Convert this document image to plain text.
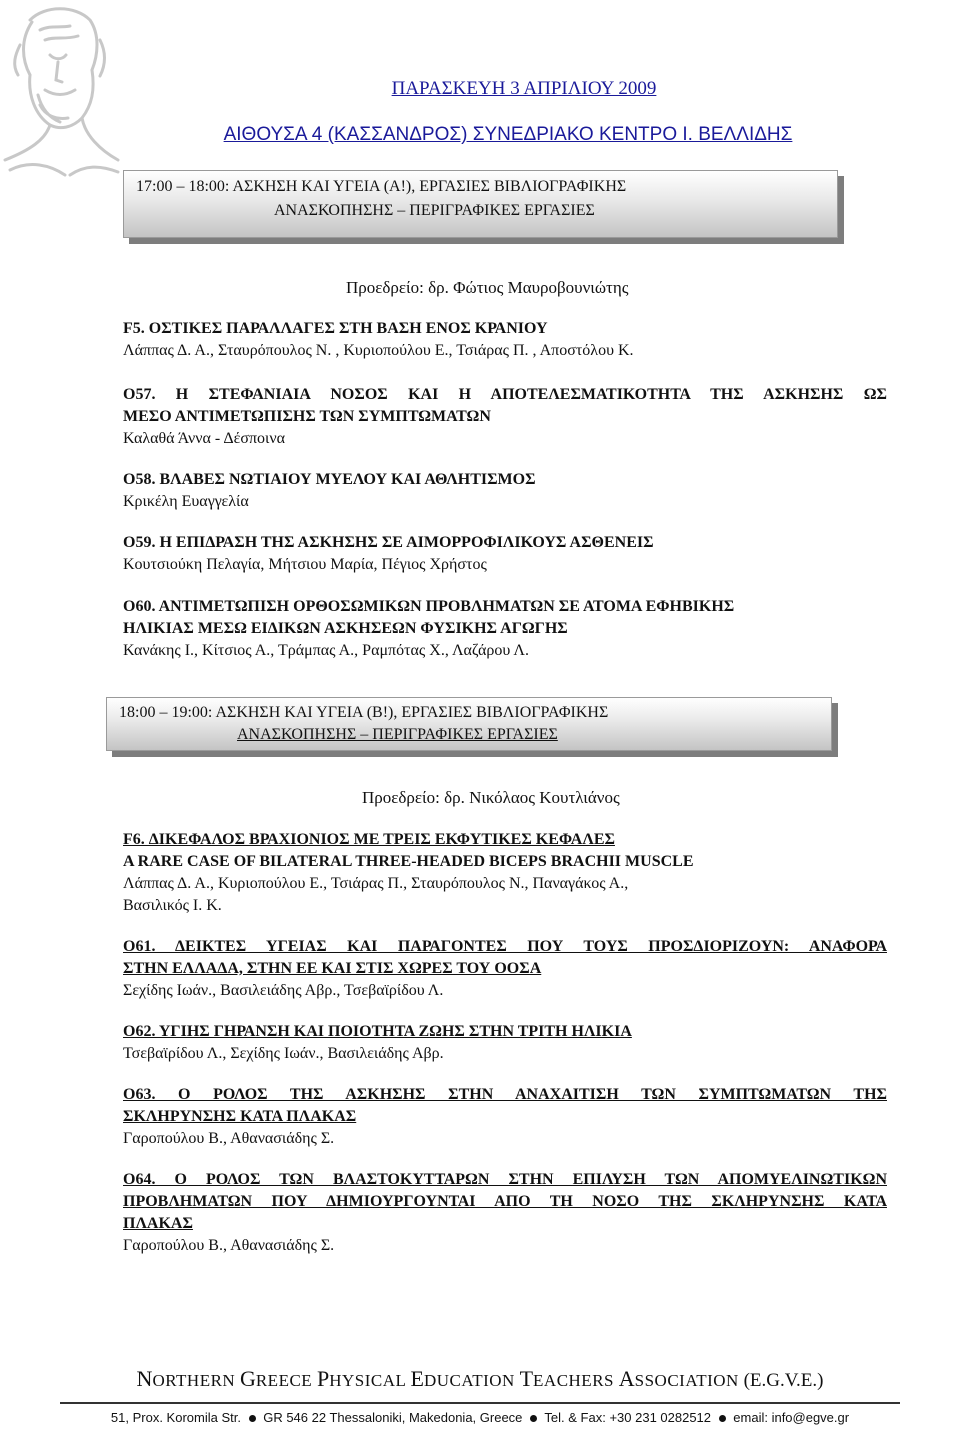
ΠΑΡΑΣΚΕΥΗ 3 ΑΠΡΙΛΙΟΥ 2009
ΑΙΘΟΥΣΑ 4 (ΚΑΣΣΑΝΔΡΟΣ) ΣΥΝΕΔΡΙΑΚΟ ΚΕΝΤΡΟ Ι. ΒΕΛΛΙΔΗΣ
17:00 – 18:00: ΑΣΚΗΣΗ ΚΑΙ ΥΓΕΙΑ (Α!), ΕΡΓΑΣΙΕΣ ΒΙΒΛΙΟΓΡΑΦΙΚΗΣ
ΑΝΑΣΚΟΠΗΣΗΣ – ΠΕΡΙΓΡΑΦΙΚΕΣ ΕΡΓΑΣΙΕΣ
Προεδρείο: δρ. Φώτιος Μαυροβουνιώτης
F5. ΟΣΤΙΚΕΣ ΠΑΡΑΛΛΑΓΕΣ ΣΤΗ ΒΑΣΗ ΕΝΟΣ ΚΡΑΝΙΟΥ
Λάππας Δ. Α., Σταυρόπουλος Ν. , Κυριοπούλου Ε., Τσιάρας Π. , Αποστόλου Κ.
Ο57. Η ΣΤΕΦΑΝΙΑΙΑ ΝΟΣΟΣ ΚΑΙ Η ΑΠΟΤΕΛΕΣΜΑΤΙΚΟΤΗΤΑ ΤΗΣ ΑΣΚΗΣΗΣ ΩΣ
ΜΕΣΟ ΑΝΤΙΜΕΤΩΠΙΣΗΣ ΤΩΝ ΣΥΜΠΤΩΜΑΤΩΝ
Καλαθά Άννα - Δέσποινα
Ο58. ΒΛΑΒΕΣ ΝΩΤΙΑΙΟΥ ΜΥΕΛΟΥ ΚΑΙ ΑΘΛΗΤΙΣΜΟΣ
Κρικέλη Ευαγγελία
Ο59. Η ΕΠΙΔΡΑΣΗ ΤΗΣ ΑΣΚΗΣΗΣ ΣΕ ΑΙΜΟΡΡΟΦΙΛΙΚΟΥΣ ΑΣΘΕΝΕΙΣ
Κουτσιούκη Πελαγία, Μήτσιου Μαρία, Πέγιος Χρήστος
Ο60. ΑΝΤΙΜΕΤΩΠΙΣΗ ΟΡΘΟΣΩΜΙΚΩΝ ΠΡΟΒΛΗΜΑΤΩΝ ΣΕ ΑΤΟΜΑ ΕΦΗΒΙΚΗΣ
ΗΛΙΚΙΑΣ ΜΕΣΩ ΕΙΔΙΚΩΝ ΑΣΚΗΣΕΩΝ ΦΥΣΙΚΗΣ ΑΓΩΓΗΣ
Κανάκης Ι., Κίτσιος Α., Τράμπας Α., Ραμπότας Χ., Λαζάρου Λ.
18:00 – 19:00: ΑΣΚΗΣΗ ΚΑΙ ΥΓΕΙΑ (Β!), ΕΡΓΑΣΙΕΣ ΒΙΒΛΙΟΓΡΑΦΙΚΗΣ
ΑΝΑΣΚΟΠΗΣΗΣ – ΠΕΡΙΓΡΑΦΙΚΕΣ ΕΡΓΑΣΙΕΣ
Προεδρείο: δρ. Νικόλαος Κουτλιάνος
F6. ΔΙΚΕΦΑΛΟΣ ΒΡΑΧΙΟΝΙΟΣ ΜΕ ΤΡΕΙΣ ΕΚΦΥΤΙΚΕΣ ΚΕΦΑΛΕΣ
A RARE CASE OF BILATERAL THREE-HEADED BICEPS BRACHII MUSCLE
Λάππας Δ. Α., Κυριοπούλου Ε., Τσιάρας Π., Σταυρόπουλος Ν., Παναγάκος Α.,
Βασιλικός Ι. Κ.
Ο61. ΔΕΙΚΤΕΣ ΥΓΕΙΑΣ ΚΑΙ ΠΑΡΑΓΟΝΤΕΣ ΠΟΥ ΤΟΥΣ ΠΡΟΣΔΙΟΡΙΖΟΥΝ: ΑΝΑΦΟΡΑ
ΣΤΗΝ ΕΛΛΑΔΑ, ΣΤΗΝ ΕΕ ΚΑΙ ΣΤΙΣ ΧΩΡΕΣ ΤΟΥ ΟΟΣΑ
Σεχίδης Ιωάν., Βασιλειάδης Αβρ., Τσεβαϊρίδου Λ.
Ο62. ΥΓΙΗΣ ΓΗΡΑΝΣΗ ΚΑΙ ΠΟΙΟΤΗΤΑ ΖΩΗΣ ΣΤΗΝ ΤΡΙΤΗ ΗΛΙΚΙΑ
Τσεβαϊρίδου Λ., Σεχίδης Ιωάν., Βασιλειάδης Αβρ.
Ο63. Ο ΡΟΛΟΣ ΤΗΣ ΑΣΚΗΣΗΣ ΣΤΗΝ ΑΝΑΧΑΙΤΙΣΗ ΤΩΝ ΣΥΜΠΤΩΜΑΤΩΝ ΤΗΣ
ΣΚΛΗΡΥΝΣΗΣ ΚΑΤΑ ΠΛΑΚΑΣ
Γαροπούλου Β., Αθανασιάδης Σ.
Ο64. Ο ΡΟΛΟΣ ΤΩΝ ΒΛΑΣΤΟΚΥΤΤΑΡΩΝ ΣΤΗΝ ΕΠΙΛΥΣΗ ΤΩΝ ΑΠΟΜΥΕΛΙΝΩΤΙΚΩΝ
ΠΡΟΒΛΗΜΑΤΩΝ ΠΟΥ ΔΗΜΙΟΥΡΓΟΥΝΤΑΙ ΑΠΟ ΤΗ ΝΟΣΟ ΤΗΣ ΣΚΛΗΡΥΝΣΗΣ ΚΑΤΑ
ΠΛΑΚΑΣ
Γαροπούλου Β., Αθανασιάδης Σ.
NORTHERN GREECE PHYSICAL EDUCATION TEACHERS ASSOCIATION (E.G.V.E.)
51, Prox. Koromila Str. GR 546 22 Thessaloniki, Makedonia, Greece Tel. & Fax: +30 231 0282512 email: info@egve.gr
